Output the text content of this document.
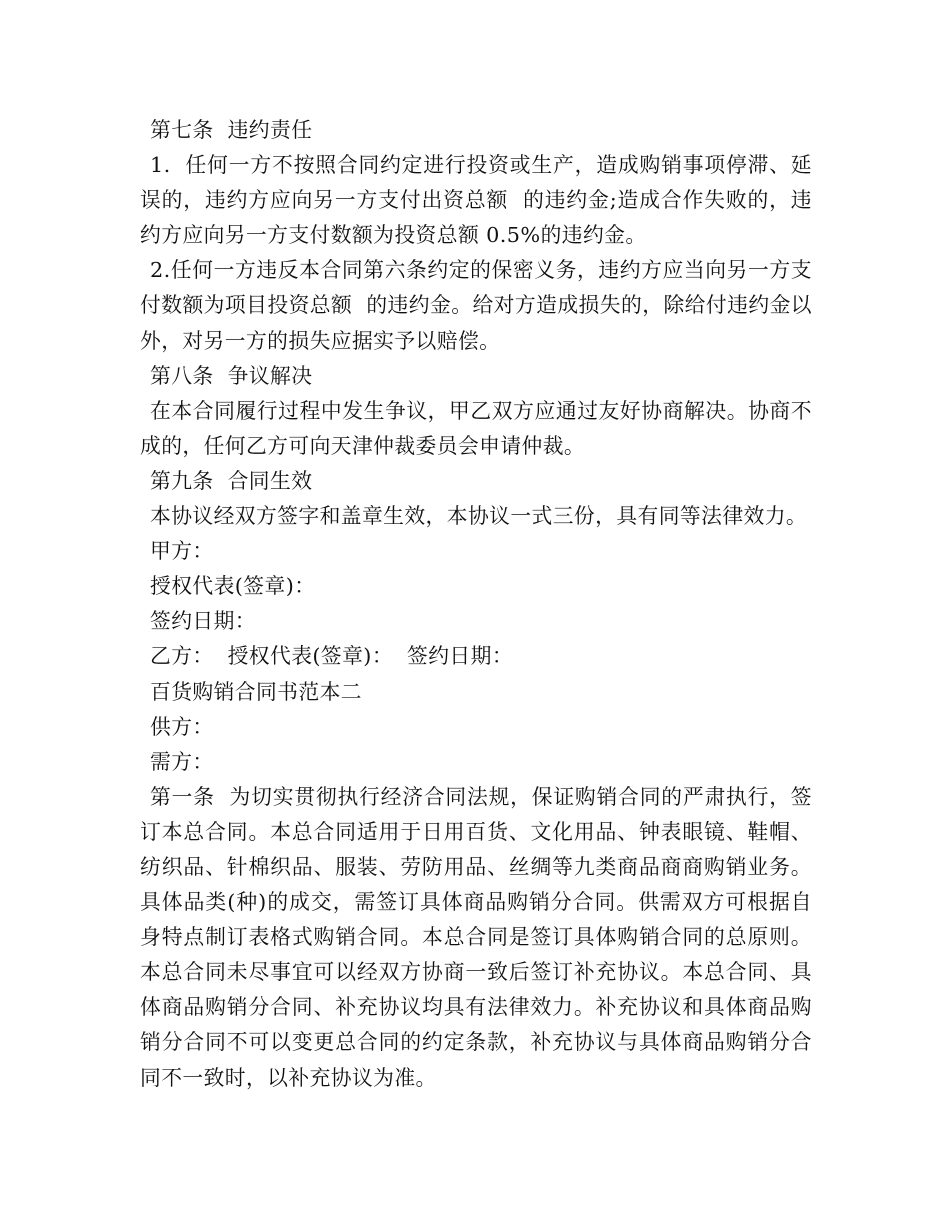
第七条  违约责任

1.  任何一方不按照合同约定进行投资或生产，造成购销事项停滞、延误的，违约方应向另一方支付出资总额  的违约金;造成合作失败的，违约方应向另一方支付数额为投资总额 0.5%的违约金。

2.任何一方违反本合同第六条约定的保密义务，违约方应当向另一方支付数额为项目投资总额  的违约金。给对方造成损失的，除给付违约金以外，对另一方的损失应据实予以赔偿。

第八条  争议解决

在本合同履行过程中发生争议，甲乙双方应通过友好协商解决。协商不成的，任何乙方可向天津仲裁委员会申请仲裁。

第九条  合同生效

本协议经双方签字和盖章生效，本协议一式三份，具有同等法律效力。

甲方：

授权代表(签章)：

签约日期：

乙方：  授权代表(签章)：  签约日期：

百货购销合同书范本二

供方：

需方：

第一条  为切实贯彻执行经济合同法规，保证购销合同的严肃执行，签订本总合同。本总合同适用于日用百货、文化用品、钟表眼镜、鞋帽、纺织品、针棉织品、服装、劳防用品、丝绸等九类商品商商购销业务。具体品类(种)的成交，需签订具体商品购销分合同。供需双方可根据自身特点制订表格式购销合同。本总合同是签订具体购销合同的总原则。本总合同未尽事宜可以经双方协商一致后签订补充协议。本总合同、具体商品购销分合同、补充协议均具有法律效力。补充协议和具体商品购销分合同不可以变更总合同的约定条款，补充协议与具体商品购销分合同不一致时，以补充协议为准。
